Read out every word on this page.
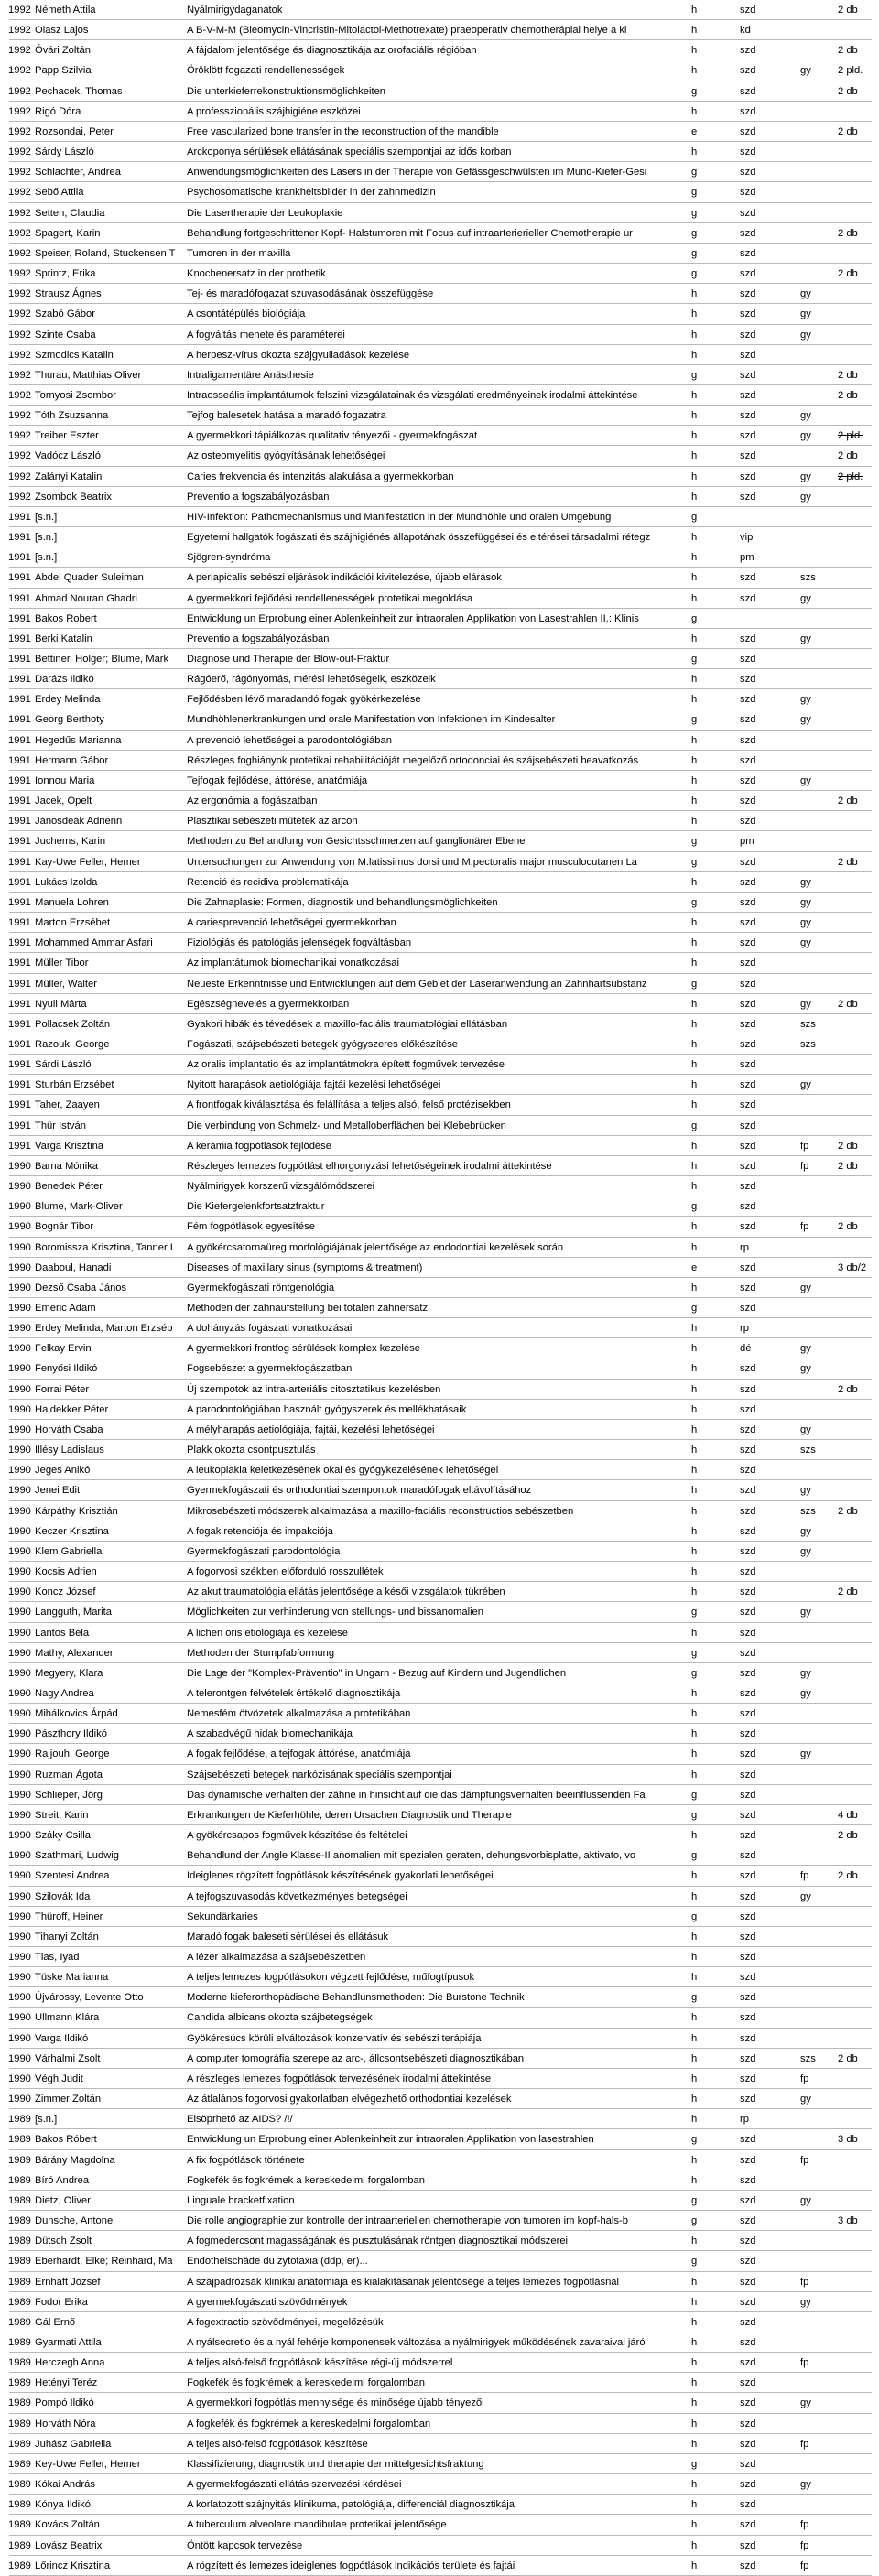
1992 Németh Attila	Nyálmirigydaganatok	h	szd	2 db
1992 Olasz Lajos	A B-V-M-M (Bleomycin-Vincristin-Mitolactol-Methotrexate) praeoperativ chemotherápiai helye a kl	h	kd
1992 Óvári Zoltán	A fájdalom jelentősége és diagnosztikája az orofaciális régióban	h	szd	2 db
1992 Papp Szilvia	Öröklött fogazati rendellenességek	h	szd	gy	2 pld.
1992 Pechacek, Thomas	Die unterkieferrekonstruktionsmöglichkeiten	g	szd	2 db
1992 Rigó Dóra	A professzionális szájhigiéne eszközei	h	szd
1992 Rozsondai, Peter	Free vascularized bone transfer in the reconstruction of the mandible	e	szd	2 db
1992 Sárdy László	Arckoponya sérülések ellátásának speciális szempontjai az idős korban	h	szd
1992 Schlachter, Andrea	Anwendungsmöglichkeiten des Lasers in der Therapie von Gefässgeschwülsten im Mund-Kiefer-Gesi	g	szd
1992 Sebő Attila	Psychosomatische krankheitsbilder in der zahnmedizin	g	szd
1992 Setten, Claudia	Die Lasertherapie der Leukoplakie	g	szd
1992 Spagert, Karin	Behandlung fortgeschrittener Kopf- Halstumoren mit Focus auf intraarterierieller Chemotherapie ur	g	szd	2 db
1992 Speiser, Roland, Stuckensen T	Tumoren in der maxilla	g	szd
1992 Sprintz, Erika	Knochenersatz in der prothetik	g	szd	2 db
1992 Strausz Ágnes	Tej- és maradófogazat szuvasodásának összefüggése	h	szd	gy
1992 Szabó Gábor	A csontátépülés biológiája	h	szd	gy
1992 Szinte Csaba	A fogváltás menete és paraméterei	h	szd	gy
1992 Szmodics Katalin	A herpesz-vírus okozta szájgyulladások kezelése	h	szd
1992 Thurau, Matthias Oliver	Intraligamentäre Anästhesie	g	szd	2 db
1992 Tornyosi Zsombor	Intraosseális implantátumok felszini vizsgálatainak és vizsgálati eredményeinek irodalmi áttekintése	h	szd	2 db
1992 Tóth Zsuzsanna	Tejfog balesetek hatása a maradó fogazatra	h	szd	gy
1992 Treiber Eszter	A gyermekkori tápiálkozás qualitativ tényezői - gyermekfogászat	h	szd	gy	2 pld.
1992 Vadócz László	Az osteomyelitis gyógyításának lehetőségei	h	szd	2 db
1992 Zalányi Katalin	Caries frekvencia és intenzitás alakulása a gyermekkorban	h	szd	gy	2 pld.
1992 Zsombok Beatrix	Preventio a fogszabályozásban	h	szd	gy
1991 [s.n.]	HIV-Infektion: Pathomechanismus und Manifestation in der Mundhöhle und oralen Umgebung	g
1991 [s.n.]	Egyetemi hallgatók fogászati és szájhigiénés állapotának összefüggései és eltérései társadalmi rétegz	h	vip
1991 [s.n.]	Sjögren-syndróma	h	pm
1991 Abdel Quader Suleiman	A periapicalis sebészi eljárások indikációi kivitelezése, újabb elárások	h	szd	szs
1991 Ahmad Nouran Ghadri	A gyermekkori fejlődési rendellenességek protetikai megoldása	h	szd	gy
1991 Bakos Robert	Entwicklung un Erprobung einer Ablenkeinheit zur intraoralen Applikation von Lasestrahlen II.: Klinis	g
1991 Berki Katalin	Preventio a fogszabályozásban	h	szd	gy
1991 Bettiner, Holger; Blume, Mark	Diagnose und Therapie der Blow-out-Fraktur	g	szd
1991 Darázs Ildikó	Rágóerő, rágónyomás, mérési lehetőségeik, eszközeik	h	szd
1991 Erdey Melinda	Fejlődésben lévő maradandó fogak gyökérkezelése	h	szd	gy
1991 Georg Berthoty	Mundhöhlenerkrankungen und orale Manifestation von Infektionen im Kindesalter	g	szd	gy
1991 Hegedűs Marianna	A prevenció lehetőségei a parodontológiában	h	szd
1991 Hermann Gábor	Részleges foghiányok protetikai rehabilitációját megelőző ortodonciai és szájsebészeti beavatkozás	h	szd
1991 Ionnou Maria	Tejfogak fejlődése, áttörése, anatómiája	h	szd	gy
1991 Jacek, Opelt	Az ergonómia a fogászatban	h	szd	2 db
1991 Jánosdeák Adrienn	Plasztikai sebészeti műtétek az arcon	h	szd
1991 Juchems, Karin	Methoden zu Behandlung von Gesichtsschmerzen auf ganglionärer Ebene	g	pm
1991 Kay-Uwe Feller, Hemer	Untersuchungen zur Anwendung von M.latissimus dorsi und M.pectoralis major musculocutanen La	g	szd	2 db
1991 Lukács Izolda	Retenció és recidiva problematikája	h	szd	gy
1991 Manuela Lohren	Die Zahnaplasie: Formen, diagnostik und behandlungsmöglichkeiten	g	szd	gy
1991 Marton Erzsébet	A cariesprevenció lehetőségei gyermekkorban	h	szd	gy
1991 Mohammed Ammar Asfari	Fiziológiás és patológiás jelenségek fogváltásban	h	szd	gy
1991 Müller Tibor	Az implantátumok biomechanikai vonatkozásai	h	szd
1991 Müller, Walter	Neueste Erkenntnisse und Entwicklungen auf dem Gebiet der Laseranwendung an Zahnhartsubstanz	g	szd
1991 Nyuli Márta	Egészségnevelés a gyermekkorban	h	szd	gy	2 db
1991 Pollacsek Zoltán	Gyakori hibák és tévedések a maxillo-faciális traumatológiai ellátásban	h	szd	szs
1991 Razouk, George	Fogászati, szájsebészeti betegek gyógyszeres előkészítése	h	szd	szs
1991 Sárdi László	Az oralis implantatio és az implantátmokra épített fogművek tervezése	h	szd
1991 Sturbán Erzsébet	Nyitott harapások aetiológiája fajtái kezelési lehetőségei	h	szd	gy
1991 Taher, Zaayen	A frontfogak kiválasztása és felállítása a teljes alsó, felső protézisekben	h	szd
1991 Thür István	Die verbindung von Schmelz- und Metalloberflächen bei Klebebrücken	g	szd
1991 Varga Krisztina	A kerámia fogpótlások fejlődése	h	szd	fp	2 db
1990 Barna Mónika	Részleges lemezes fogpótlást elhorgonyzási lehetőségeinek irodalmi áttekintése	h	szd	fp	2 db
1990 Benedek Péter	Nyálmirigyek korszerű vizsgálómódszerei	h	szd
1990 Blume, Mark-Oliver	Die Kiefergelenkfortsatzfraktur	g	szd
1990 Bognár Tibor	Fém fogpótlások egyesítése	h	szd	fp	2 db
1990 Boromissza Krisztina, Tanner I	A gyökércsatornaüreg morfológiájának jelentősége az endodontiai kezelések során	h	rp
1990 Daaboul, Hanadi	Diseases of maxillary sinus (symptoms & treatment)	e	szd	3 db/2
1990 Dezső Csaba János	Gyermekfogászati röntgenológia	h	szd	gy
1990 Emeric Adam	Methoden der zahnaufstellung bei totalen zahnersatz	g	szd
1990 Erdey Melinda, Marton Erzséb	A dohányzás fogászati vonatkozásai	h	rp
1990 Felkay Ervin	A gyermekkori frontfog sérülések komplex kezelése	h	dé	gy
1990 Fenyősi Ildikó	Fogsebészet a gyermekfogászatban	h	szd	gy
1990 Forrai Péter	Új szempotok az intra-arteriális citosztatikus kezelésben	h	szd	2 db
1990 Haidekker Péter	A parodontológiában használt gyógyszerek és mellékhatásaik	h	szd
1990 Horváth Csaba	A mélyharapás aetiológiája, fajtái, kezelési lehetőségei	h	szd	gy
1990 Illésy Ladislaus	Plakk okozta csontpusztulás	h	szd	szs
1990 Jeges Anikó	A leukoplakia keletkezésének okai és gyógykezelésének lehetőségei	h	szd
1990 Jenei Edit	Gyermekfogászati és orthodontiai szempontok maradófogak eltávolításához	h	szd	gy
1990 Kárpáthy Krisztián	Mikrosebészeti módszerek alkalmazása a maxillo-faciális reconstructios sebészetben	h	szd	szs	2 db
1990 Keczer Krisztina	A fogak retenciója és impakciója	h	szd	gy
1990 Klem Gabriella	Gyermekfogászati parodontológia	h	szd	gy
1990 Kocsis Adrien	A fogorvosi székben előforduló rosszullétek	h	szd
1990 Koncz József	Az akut traumatológia ellátás jelentősége a késői vizsgálatok tükrében	h	szd	2 db
1990 Langguth, Marita	Möglichkeiten zur verhinderung von stellungs- und bissanomalien	g	szd	gy
1990 Lantos Béla	A lichen oris etiológiája és kezelése	h	szd
1990 Mathy, Alexander	Methoden der Stumpfabformung	g	szd
1990 Megyery, Klara	Die Lage der "Komplex-Präventio" in Ungarn - Bezug auf Kindern und Jugendlichen	g	szd	gy
1990 Nagy Andrea	A telerontgen felvételek értékelő diagnosztikája	h	szd	gy
1990 Mihálkovics Árpád	Nemesfém ötvözetek alkalmazása a protetikában	h	szd
1990 Pászthory Ildikó	A szabadvégű hidak biomechanikája	h	szd
1990 Rajjouh, George	A fogak fejlődése, a tejfogak áttörése, anatómiája	h	szd	gy
1990 Ruzman Ágota	Szájsebészeti betegek narkózisának speciális szempontjai	h	szd
1990 Schlieper, Jörg	Das dynamische verhalten der zähne in hinsicht auf die das dämpfungsverhalten beeinflussenden Fa	g	szd
1990 Streit, Karin	Erkrankungen de Kieferhöhle, deren Ursachen Diagnostik und Therapie	g	szd	4 db
1990 Száky Csilla	A gyökércsapos fogművek készítése és feltételei	h	szd	2 db
1990 Szathmari, Ludwig	Behandlund der Angle Klasse-II anomalien mit spezialen geraten, dehungsvorbisplatte, aktivato, vo	g	szd
1990 Szentesi Andrea	Ideiglenes rögzített fogpótlások készítésének gyakorlati lehetőségei	h	szd	fp	2 db
1990 Szilovák Ida	A tejfogszuvasodás következményes betegségei	h	szd	gy
1990 Thüroff, Heiner	Sekundärkaries	g	szd
1990 Tihanyi Zoltán	Maradó fogak baleseti sérülései és ellátásuk	h	szd
1990 Tlas, Iyad	A lézer alkalmazása a szájsebészetben	h	szd
1990 Tüske Marianna	A teljes lemezes fogpótlásokon végzett fejlődése, műfogtípusok	h	szd
1990 Újvárossy, Levente Otto	Moderne kieferorthopädische Behandlunsmethoden: Die Burstone Technik	g	szd
1990 Ullmann Klára	Candida albicans okozta szájbetegségek	h	szd
1990 Varga Ildikó	Gyökércsúcs körüli elváltozások konzervatív és sebészi terápiája	h	szd
1990 Várhalmi Zsolt	A computer tomográfia szerepe az arc-, állcsontsebészeti diagnosztikában	h	szd	szs	2 db
1990 Végh Judit	A részleges lemezes fogpótlások tervezésének irodalmi áttekintése	h	szd	fp
1990 Zimmer Zoltán	Az átlalános fogorvosi gyakorlatban elvégezhető orthodontiai kezelések	h	szd	gy
1989 [s.n.]	Elsöprhető az AIDS? /!/	h	rp
1989 Bakos Róbert	Entwicklung un Erprobung einer Ablenkeinheit zur intraoralen Applikation von lasestrahlen	g	szd	3 db
1989 Bárány Magdolna	A fix fogpótlások története	h	szd	fp
1989 Bíró Andrea	Fogkefék és fogkrémek a kereskedelmi forgalomban	h	szd
1989 Dietz, Oliver	Linguale bracketfixation	g	szd	gy
1989 Dunsche, Antone	Die rolle angiographie zur kontrolle der intraarteriellen chemotherapie von tumoren im kopf-hals-b	g	szd	3 db
1989 Dütsch Zsolt	A fogmedercsont magasságának és pusztulásának röntgen diagnosztikai módszerei	h	szd
1989 Eberhardt, Elke; Reinhard, Ma	Endothelschäde du zytotaxia (ddp, er)...	g	szd
1989 Ernhaft József	A szájpadrózsák klinikai anatómiája és kialakításának jelentősége a teljes lemezes fogpótlásnál	h	szd	fp
1989 Fodor Erika	A gyermekfogászati szövődmények	h	szd	gy
1989 Gál Ernő	A fogextractio szövődményei, megelőzésük	h	szd
1989 Gyarmati Attila	A nyálsecretio és a nyál fehérje komponensek változása a nyálmirigyek működésének zavaraival járó	h	szd
1989 Herczegh Anna	A teljes alsó-felső fogpótlások készítése régi-új módszerrel	h	szd	fp
1989 Hetényi Teréz	Fogkefék és fogkrémek a kereskedelmi forgalomban	h	szd
1989 Pompó Ildikó	A gyermekkori fogpótlás mennyisége és minősége újabb tényezői	h	szd	gy
1989 Horváth Nóra	A fogkefék és fogkrémek a kereskedelmi forgalomban	h	szd
1989 Juhász Gabriella	A teljes alsó-felső fogpótlások készítése	h	szd	fp
1989 Key-Uwe Feller, Hemer	Klassifizierung, diagnostik und therapie der mittelgesichtsfraktung	g	szd
1989 Kókai András	A gyermekfogászati ellátás szervezési kérdései	h	szd	gy
1989 Kónya Ildikó	A korlatozott szájnyitás klinikuma, patológiája, differenciál diagnosztikája	h	szd
1989 Kovács Zoltán	A tuberculum alveolare mandibulae protetikai jelentősége	h	szd	fp
1989 Lovász Beatrix	Öntött kapcsok tervezése	h	szd	fp
1989 Lőrincz Krisztina	A rögzített és lemezes ideiglenes fogpótlások indikációs területe és fajtái	h	szd	fp
